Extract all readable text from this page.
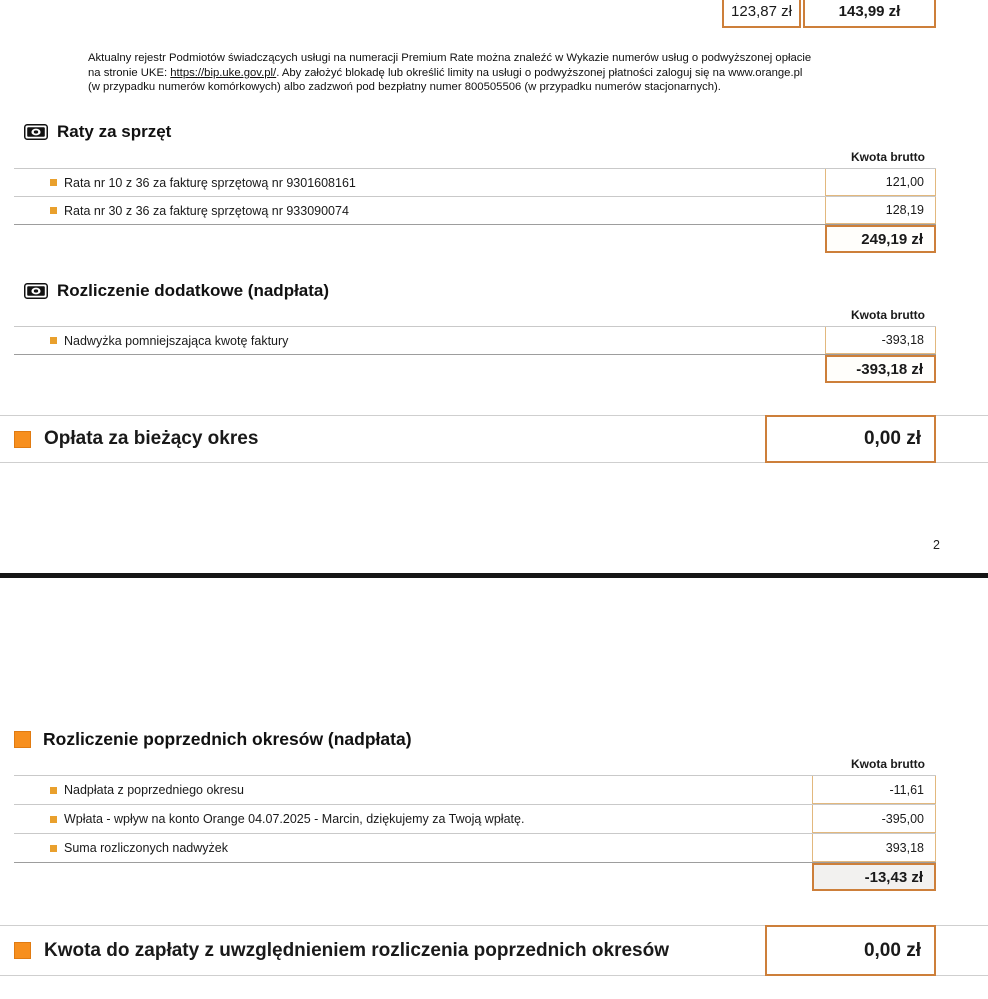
123,87 zł	143,99 zł
Aktualny rejestr Podmiotów świadczących usługi na numeracji Premium Rate można znaleźć w Wykazie numerów usług o podwyższonej opłacie
na stronie UKE: https://bip.uke.gov.pl/. Aby założyć blokadę lub określić limity na usługi o podwyższonej płatności zaloguj się na www.orange.pl
(w przypadku numerów komórkowych) albo zadzwoń pod bezpłatny numer 800505506 (w przypadku numerów stacjonarnych).
Raty za sprzęt
Kwota brutto
Rata nr 10 z 36 za fakturę sprzętową nr 9301608161	121,00
Rata nr 30 z 36 za fakturę sprzętową nr 933090074	128,19
249,19 zł
Rozliczenie dodatkowe (nadpłata)
Kwota brutto
Nadwyżka pomniejszająca kwotę faktury	-393,18
-393,18 zł
Opłata za bieżący okres	0,00 zł
2
Rozliczenie poprzednich okresów (nadpłata)
Kwota brutto
Nadpłata z poprzedniego okresu	-11,61
Wpłata - wpływ na konto Orange 04.07.2025 - Marcin, dziękujemy za Twoją wpłatę.	-395,00
Suma rozliczonych nadwyżek	393,18
-13,43 zł
Kwota do zapłaty z uwzględnieniem rozliczenia poprzednich okresów	0,00 zł
